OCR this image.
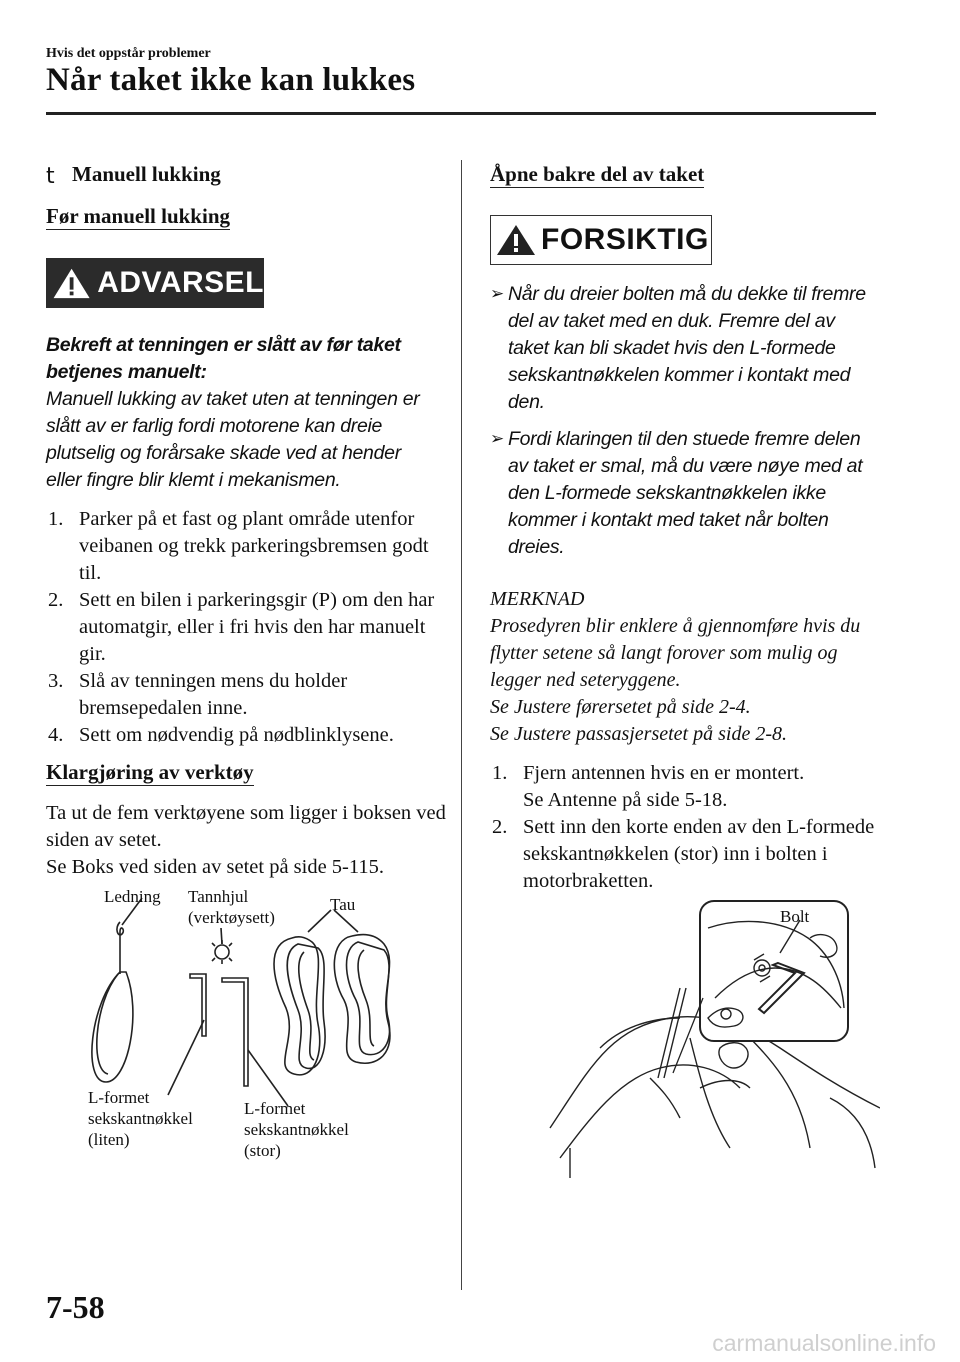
Hvis det oppstår problemer
Når taket ikke kan lukkes
t Manuell lukking
Før manuell lukking
ADVARSEL
Bekreft at tenningen er slått av før taket betjenes manuelt:
Manuell lukking av taket uten at tenningen er slått av er farlig fordi motorene kan dreie plutselig og forårsake skade ved at hender eller fingre blir klemt i mekanismen.
1. Parker på et fast og plant område utenfor veibanen og trekk parkeringsbremsen godt til.
2. Sett en bilen i parkeringsgir (P) om den har automatgir, eller i fri hvis den har manuelt gir.
3. Slå av tenningen mens du holder bremsepedalen inne.
4. Sett om nødvendig på nødblinklysene.
Klargjøring av verktøy
Ta ut de fem verktøyene som ligger i boksen ved siden av setet.
Se Boks ved siden av setet på side 5-115.
Ledning Tannhjul
(verktøysett)
Tau
L-formet
sekskantnøkkel
(liten)
L-formet
sekskantnøkkel
(stor)
Åpne bakre del av taket
FORSIKTIG
➢ Når du dreier bolten må du dekke til fremre del av taket med en duk. Fremre del av taket kan bli skadet hvis den L-formede sekskantnøkkelen kommer i kontakt med den.
➢ Fordi klaringen til den stuede fremre delen av taket er smal, må du være nøye med at den L-formede sekskantnøkkelen ikke kommer i kontakt med taket når bolten dreies.
MERKNAD
Prosedyren blir enklere å gjennomføre hvis du flytter setene så langt forover som mulig og legger ned seteryggene.
Se Justere førersetet på side 2-4.
Se Justere passasjersetet på side 2-8.
1. Fjern antennen hvis en er montert.
Se Antenne på side 5-18.
2. Sett inn den korte enden av den L-formede sekskantnøkkelen (stor) inn i bolten i motorbraketten.
Bolt
7-58
carmanualsonline.info
